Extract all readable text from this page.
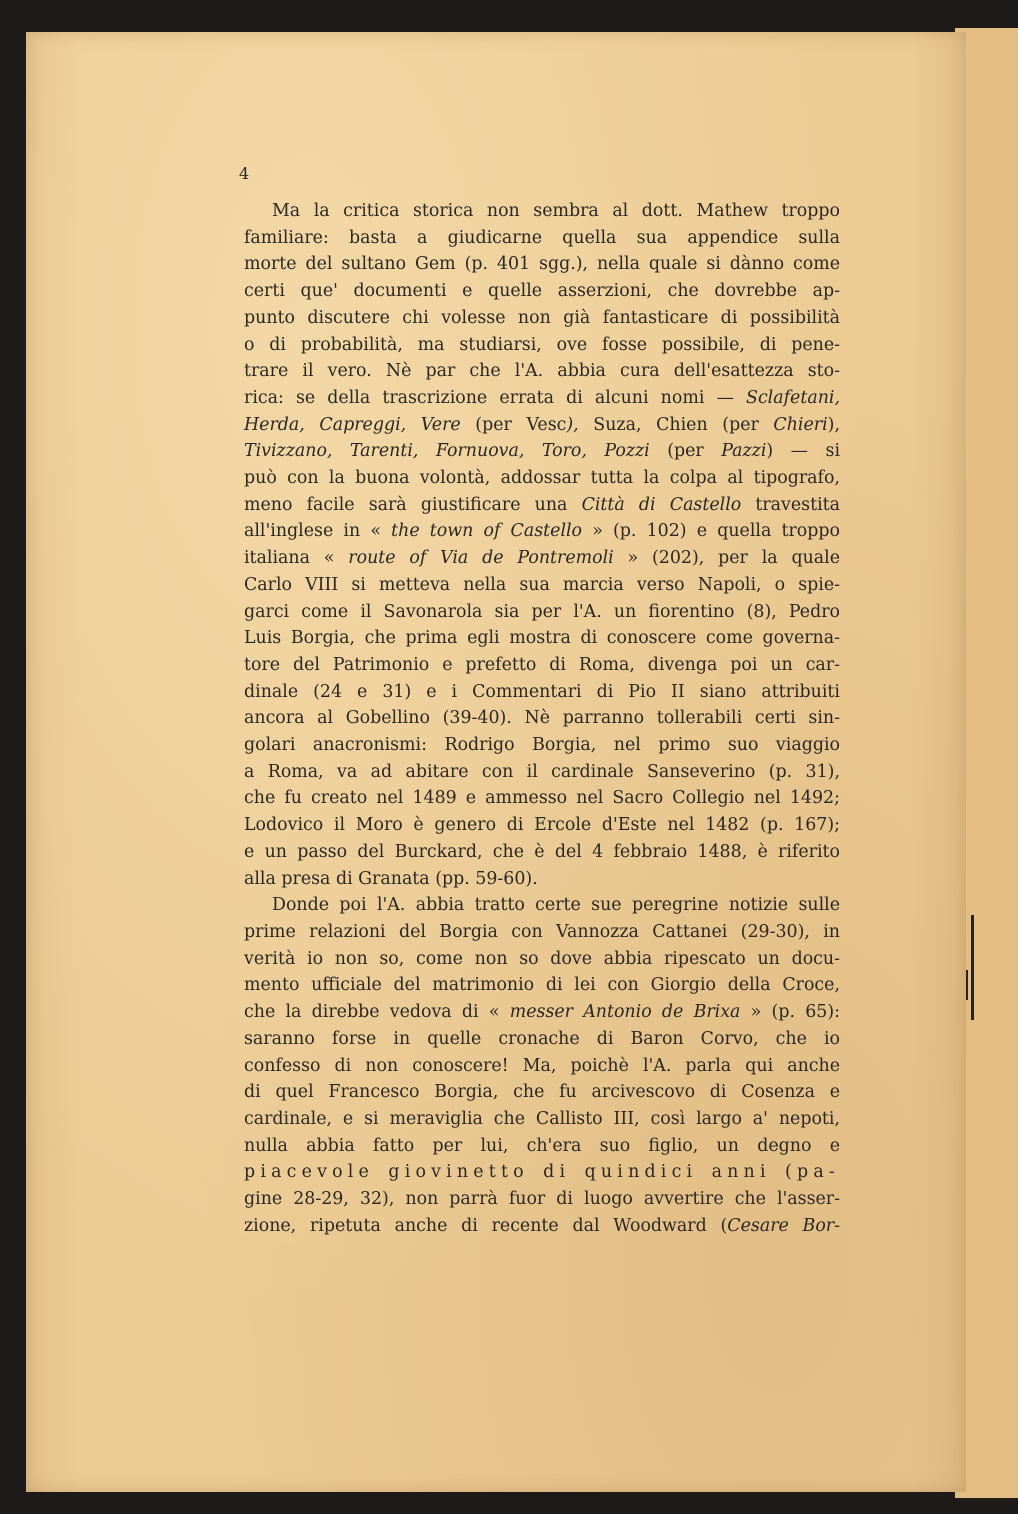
4
Ma la critica storica non sembra al dott. Mathew troppo
familiare: basta a giudicarne quella sua appendice sulla
morte del sultano Gem (p. 401 sgg.), nella quale si dànno come
certi que' documenti e quelle asserzioni, che dovrebbe ap-
punto discutere chi volesse non già fantasticare di possibilità
o di probabilità, ma studiarsi, ove fosse possibile, di pene-
trare il vero. Nè par che l'A. abbia cura dell'esattezza sto-
rica: se della trascrizione errata di alcuni nomi — Sclafetani,
Herda, Capreggi, Vere (per Vesc), Suza, Chien (per Chieri),
Tivizzano, Tarenti, Fornuova, Toro, Pozzi (per Pazzi) — si
può con la buona volontà, addossar tutta la colpa al tipografo,
meno facile sarà giustificare una Città di Castello travestita
all'inglese in « the town of Castello » (p. 102) e quella troppo
italiana « route of Via de Pontremoli » (202), per la quale
Carlo VIII si metteva nella sua marcia verso Napoli, o spie-
garci come il Savonarola sia per l'A. un fiorentino (8), Pedro
Luis Borgia, che prima egli mostra di conoscere come governa-
tore del Patrimonio e prefetto di Roma, divenga poi un car-
dinale (24 e 31) e i Commentari di Pio II siano attribuiti
ancora al Gobellino (39-40). Nè parranno tollerabili certi sin-
golari anacronismi: Rodrigo Borgia, nel primo suo viaggio
a Roma, va ad abitare con il cardinale Sanseverino (p. 31),
che fu creato nel 1489 e ammesso nel Sacro Collegio nel 1492;
Lodovico il Moro è genero di Ercole d'Este nel 1482 (p. 167);
e un passo del Burckard, che è del 4 febbraio 1488, è riferito
alla presa di Granata (pp. 59-60).
Donde poi l'A. abbia tratto certe sue peregrine notizie sulle
prime relazioni del Borgia con Vannozza Cattanei (29-30), in
verità io non so, come non so dove abbia ripescato un docu-
mento ufficiale del matrimonio di lei con Giorgio della Croce,
che la direbbe vedova di « messer Antonio de Brixa » (p. 65):
saranno forse in quelle cronache di Baron Corvo, che io
confesso di non conoscere! Ma, poichè l'A. parla qui anche
di quel Francesco Borgia, che fu arcivescovo di Cosenza e
cardinale, e si meraviglia che Callisto III, così largo a' nepoti,
nulla abbia fatto per lui, ch'era suo figlio, un degno e
piacevole giovinetto di quindici anni (pa-
gine 28-29, 32), non parrà fuor di luogo avvertire che l'asser-
zione, ripetuta anche di recente dal Woodward (Cesare Bor-
